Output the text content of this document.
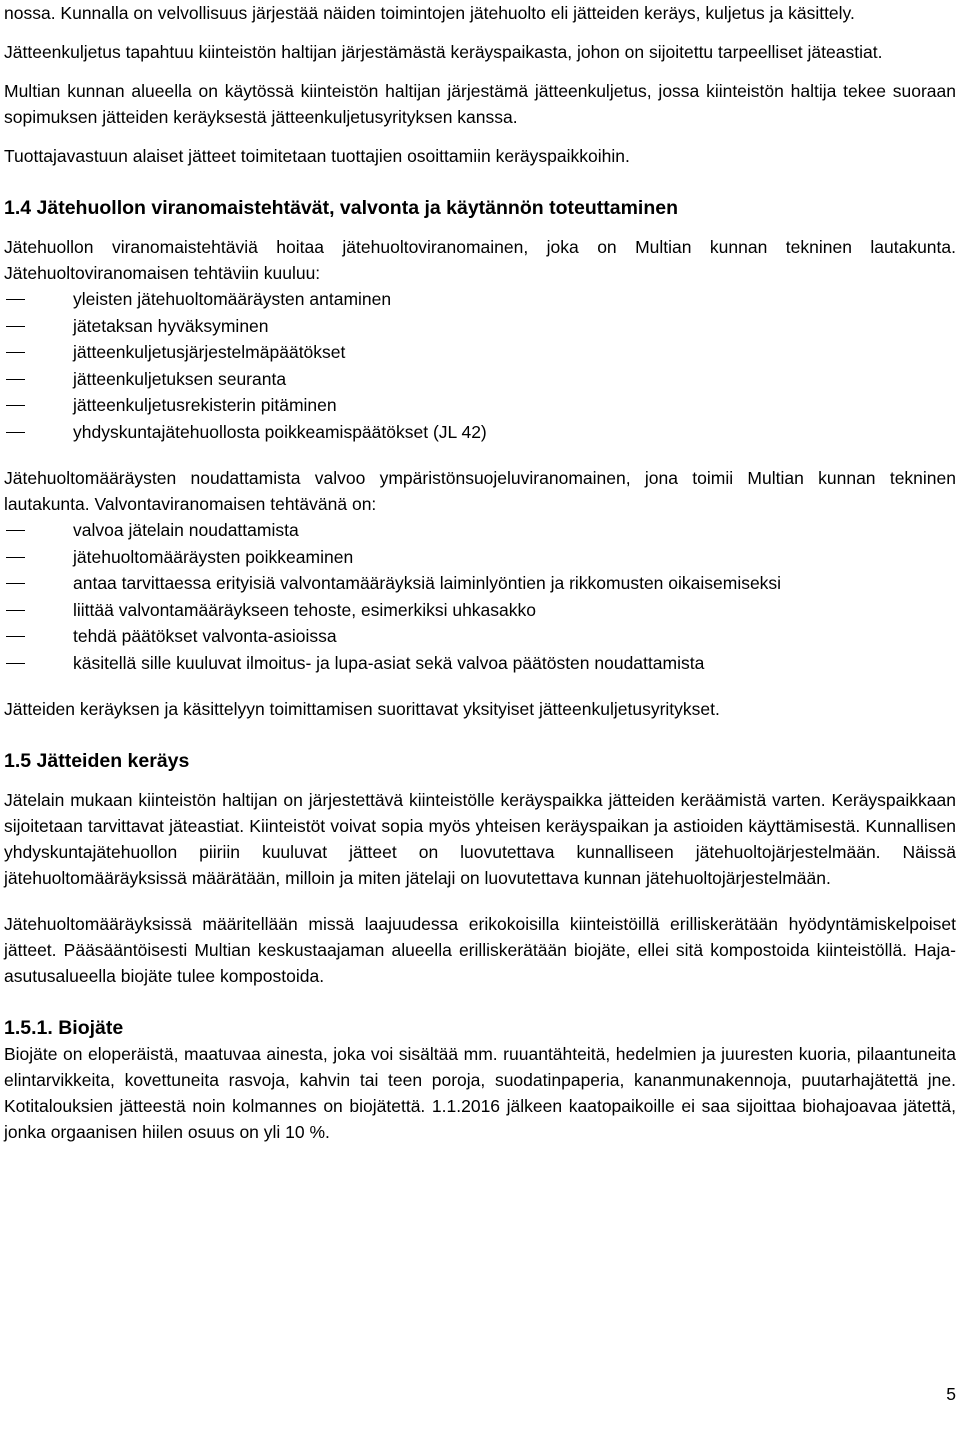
nossa. Kunnalla on velvollisuus järjestää näiden toimintojen jätehuolto eli jätteiden keräys, kuljetus ja käsittely.

Jätteenkuljetus tapahtuu kiinteistön haltijan järjestämästä keräyspaikasta, johon on sijoitettu tarpeelliset jäteastiat.

Multian kunnan alueella on käytössä kiinteistön haltijan järjestämä jätteenkuljetus, jossa kiinteistön haltija tekee suoraan sopimuksen jätteiden keräyksestä jätteenkuljetusyrityksen kanssa.

Tuottajavastuun alaiset jätteet toimitetaan tuottajien osoittamiin keräyspaikkoihin.

1.4 Jätehuollon viranomaistehtävät, valvonta ja käytännön toteuttaminen

Jätehuollon viranomaistehtäviä hoitaa jätehuoltoviranomainen, joka on Multian kunnan tekninen lautakunta. Jätehuoltoviranomaisen tehtäviin kuuluu:

yleisten jätehuoltomääräysten antaminen
jätetaksan hyväksyminen
jätteenkuljetusjärjestelmäpäätökset
jätteenkuljetuksen seuranta
jätteenkuljetusrekisterin pitäminen
yhdyskuntajätehuollosta poikkeamispäätökset (JL 42)

Jätehuoltomääräysten noudattamista valvoo ympäristönsuojeluviranomainen, jona toimii Multian kunnan tekninen lautakunta. Valvontaviranomaisen tehtävänä on:

valvoa jätelain noudattamista
jätehuoltomääräysten poikkeaminen
antaa tarvittaessa erityisiä valvontamääräyksiä laiminlyöntien ja rikkomusten oikaisemiseksi
liittää valvontamääräykseen tehoste, esimerkiksi uhkasakko
tehdä päätökset valvonta-asioissa
käsitellä sille kuuluvat ilmoitus- ja lupa-asiat sekä valvoa päätösten noudattamista

Jätteiden keräyksen ja käsittelyyn toimittamisen suorittavat yksityiset jätteenkuljetusyritykset.

1.5 Jätteiden keräys

Jätelain mukaan kiinteistön haltijan on järjestettävä kiinteistölle keräyspaikka jätteiden keräämistä varten. Keräyspaikkaan sijoitetaan tarvittavat jäteastiat. Kiinteistöt voivat sopia myös yhteisen keräyspaikan ja astioiden käyttämisestä. Kunnallisen yhdyskuntajätehuollon piiriin kuuluvat jätteet on luovutettava kunnalliseen jätehuoltojärjestelmään. Näissä jätehuoltomääräyksissä määrätään, milloin ja miten jätelaji on luovutettava kunnan jätehuoltojärjestelmään.

Jätehuoltomääräyksissä määritellään missä laajuudessa erikokoisilla kiinteistöillä erilliskerätään hyödyntämiskelpoiset jätteet. Pääsääntöisesti Multian keskustaajaman alueella erilliskerätään biojäte, ellei sitä kompostoida kiinteistöllä. Haja-asutusalueella biojäte tulee kompostoida.

1.5.1. Biojäte

Biojäte on eloperäistä, maatuvaa ainesta, joka voi sisältää mm. ruuantähteitä, hedelmien ja juuresten kuoria, pilaantuneita elintarvikkeita, kovettuneita rasvoja, kahvin tai teen poroja, suodatinpaperia, kananmunakennoja, puutarhajätettä jne. Kotitalouksien jätteestä noin kolmannes on biojätettä. 1.1.2016 jälkeen kaatopaikoille ei saa sijoittaa biohajoavaa jätettä, jonka orgaanisen hiilen osuus on yli 10 %.

5
